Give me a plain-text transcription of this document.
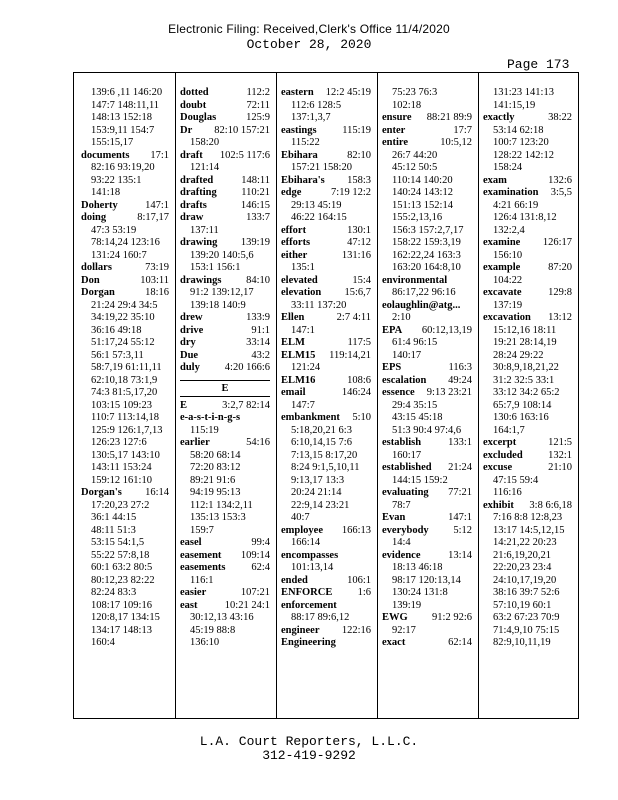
Electronic Filing: Received,Clerk's Office 11/4/2020
October 28, 2020
Page 173
139:6 ,11 146:20
147:7 148:11,11
148:13 152:18
153:9,11 154:7
155:15,17
documents 17:1
82:16 93:19,20
93:22 135:1
141:18
Doherty	147:1
doing	8:17,17
47:3 53:19
78:14,24 123:16
131:24 160:7
dollars	73:19
Don	103:11
Dorgan	18:16
21:24 29:4 34:5
34:19,22 35:10
36:16 49:18
51:17,24 55:12
56:1 57:3,11
58:7,19 61:11,11
62:10,18 73:1,9
74:3 81:5,17,20
103:15 109:23
110:7 113:14,18
125:9 126:1,7,13
126:23 127:6
130:5,17 143:10
143:11 153:24
159:12 161:10
Dorgan's 16:14
17:20,23 27:2
36:1 44:15
48:11 51:3
53:15 54:1,5
55:22 57:8,18
60:1 63:2 80:5
80:12,23 82:22
82:24 83:3
108:17 109:16
120:8,17 134:15
134:17 148:13
160:4
dotted	112:2
doubt	72:11
Douglas	125:9
Dr 82:10 157:21
158:20
draft 102:5 117:6
121:14
drafted	148:11
drafting 110:21
drafts	146:15
draw	133:7
137:11
drawing 139:19
139:20 140:5,6
153:1 156:1
drawings 84:10
91:2 139:12,17
139:18 140:9
drew	133:9
drive	91:1
dry	33:14
Due	43:2
duly 4:20 166:6
E
E	3:2,7 82:14
e-a-s-t-i-n-g-s
115:19
earlier	54:16
58:20 68:14
72:20 83:12
89:21 91:6
94:19 95:13
112:1 134:2,11
135:13 153:3
159:7
easel	99:4
easement 109:14
easements 62:4
116:1
easier	107:21
east	10:21 24:1
30:12,13 43:16
45:19 88:8
136:10
eastern 12:2 45:19
112:6 128:5
137:1,3,7
eastings 115:19
115:22
Ebihara	82:10
157:21 158:20
Ebihara's 158:3
edge	7:19 12:2
29:13 45:19
46:22 164:15
effort	130:1
efforts	47:12
either	131:16
135:1
elevated	15:4
elevation 15:6,7
33:11 137:20
Ellen	2:7 4:11
147:1
ELM	117:5
ELM15 119:14,21
121:24
ELM16	108:6
email	146:24
147:7
embankment 5:10
5:18,20,21 6:3
6:10,14,15 7:6
7:13,15 8:17,20
8:24 9:1,5,10,11
9:13,17 13:3
20:24 21:14
22:9,14 23:21
40:7
employee 166:13
166:14
encompasses
101:13,14
ended	106:1
ENFORCE 1:6
enforcement
88:17 89:6,12
engineer 122:16
Engineering
75:23 76:3
102:18
ensure 88:21 89:9
enter	17:7
entire	10:5,12
26:7 44:20
45:12 50:5
110:14 140:20
140:24 143:12
151:13 152:14
155:2,13,16
156:3 157:2,7,17
158:22 159:3,19
162:22,24 163:3
163:20 164:8,10
environmental
86:17,22 96:16
eolaughlin@atg...
2:10
EPA 60:12,13,19
61:4 96:15
140:17
EPS	116:3
escalation 49:24
essence 9:13 23:21
29:4 35:15
43:15 45:18
51:3 90:4 97:4,6
establish	133:1
160:17
established 21:24
144:15 159:2
evaluating 77:21
78:7
Evan	147:1
everybody 5:12
14:4
evidence	13:14
18:13 46:18
98:17 120:13,14
130:24 131:8
139:19
EWG 91:2 92:6
92:17
exact	62:14
131:23 141:13
141:15,19
exactly	38:22
53:14 62:18
100:7 123:20
128:22 142:12
158:24
exam	132:6
examination 3:5,5
4:21 66:19
126:4 131:8,12
132:2,4
examine 126:17
156:10
example	87:20
104:22
excavate	129:8
137:19
excavation 13:12
15:12,16 18:11
19:21 28:14,19
28:24 29:22
30:8,9,18,21,22
31:2 32:5 33:1
33:12 34:2 65:2
65:7,9 108:14
130:6 163:16
164:1,7
excerpt	121:5
excluded 132:1
excuse	21:10
47:15 59:4
116:16
exhibit 3:8 6:6,18
7:16 8:8 12:8,23
13:17 14:5,12,15
14:21,22 20:23
21:6,19,20,21
22:20,23 23:4
24:10,17,19,20
38:16 39:7 52:6
57:10,19 60:1
63:2 67:23 70:9
71:4,9,10 75:15
82:9,10,11,19
L.A. Court Reporters, L.L.C.
312-419-9292
